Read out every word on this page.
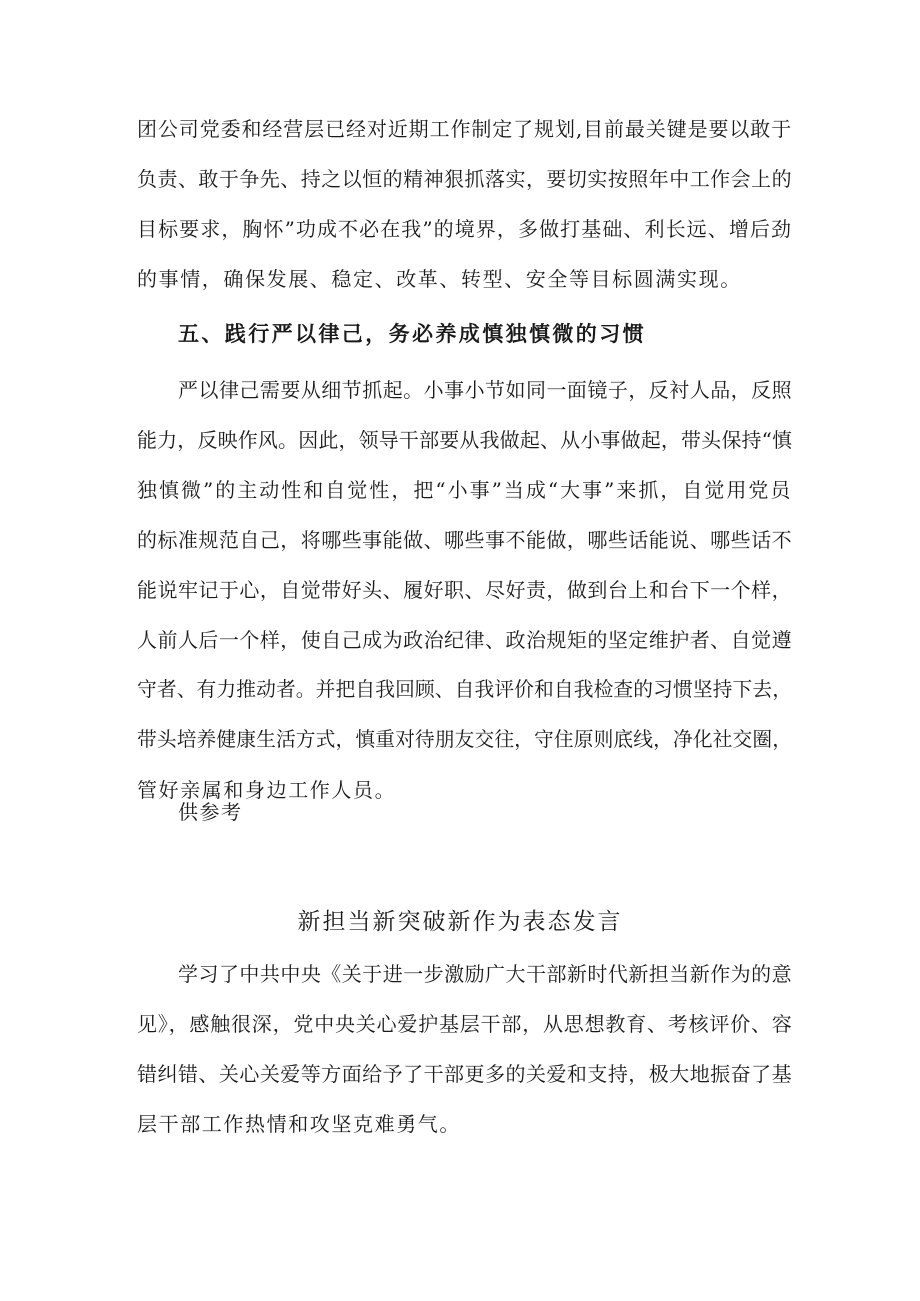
团公司党委和经营层已经对近期工作制定了规划,目前最关键是要以敢于

负责、敢于争先、持之以恒的精神狠抓落实，要切实按照年中工作会上的

目标要求，胸怀”功成不必在我”的境界，多做打基础、利长远、增后劲

的事情，确保发展、稳定、改革、转型、安全等目标圆满实现。

五、践行严以律己，务必养成慎独慎微的习惯

严以律己需要从细节抓起。小事小节如同一面镜子，反衬人品，反照

能力，反映作风。因此，领导干部要从我做起、从小事做起，带头保持“慎

独慎微”的主动性和自觉性，把“小事”当成“大事”来抓，自觉用党员

的标准规范自己，将哪些事能做、哪些事不能做，哪些话能说、哪些话不

能说牢记于心，自觉带好头、履好职、尽好责，做到台上和台下一个样，

人前人后一个样，使自己成为政治纪律、政治规矩的坚定维护者、自觉遵

守者、有力推动者。并把自我回顾、自我评价和自我检查的习惯坚持下去，

带头培养健康生活方式，慎重对待朋友交往，守住原则底线，净化社交圈，

管好亲属和身边工作人员。

供参考

新担当新突破新作为表态发言

学习了中共中央《关于进一步激励广大干部新时代新担当新作为的意

见》，感触很深，党中央关心爱护基层干部，从思想教育、考核评价、容

错纠错、关心关爱等方面给予了干部更多的关爱和支持，极大地振奋了基

层干部工作热情和攻坚克难勇气。
